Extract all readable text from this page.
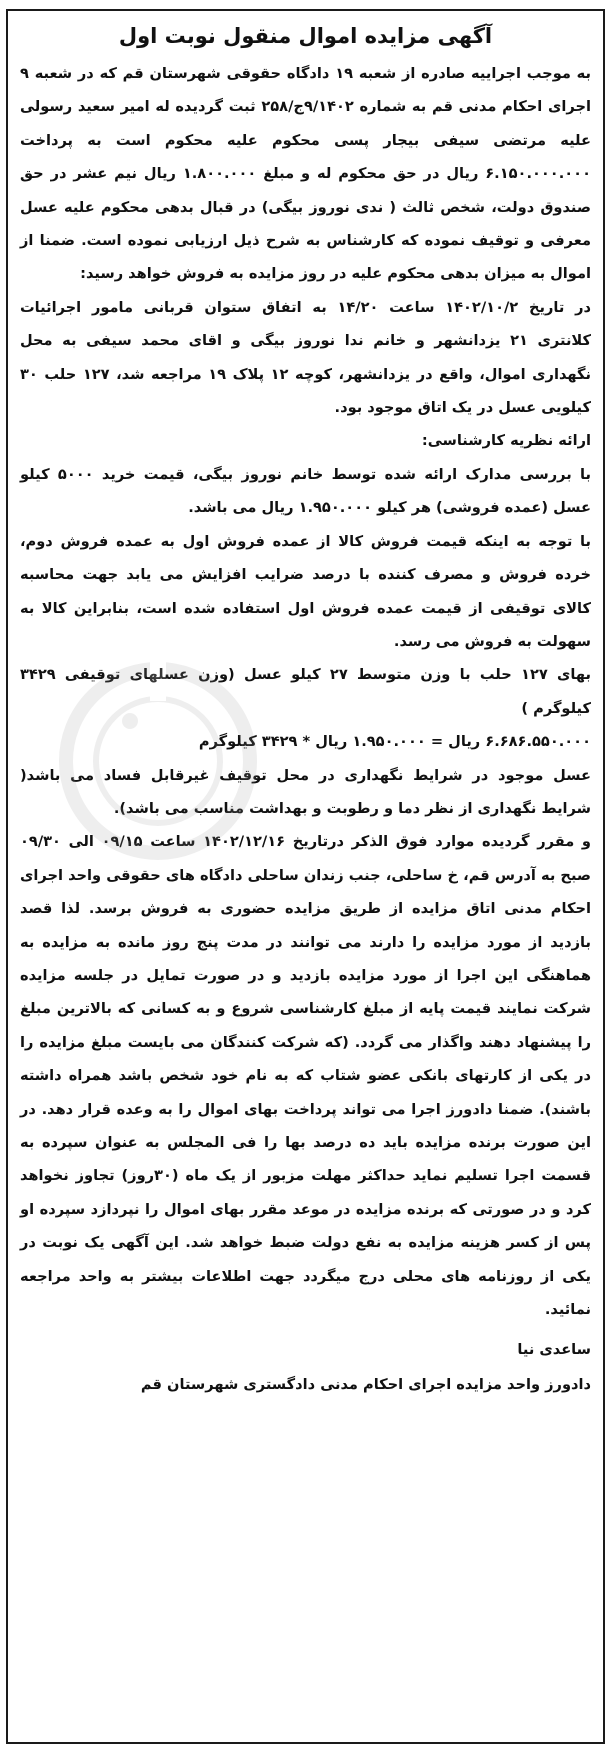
آگهی مزایده اموال منقول نوبت اول

به موجب اجراییه صادره از شعبه ۱۹ دادگاه حقوقی شهرستان قم که در شعبه ۹ اجرای احکام مدنی قم به شماره ۹/۱۴۰۲ج/۲۵۸ ثبت گردیده له امیر سعید رسولی علیه مرتضی سیفی بیجار پسی محکوم علیه محکوم است به پرداخت ۶.۱۵۰.۰۰۰.۰۰۰ ریال در حق محکوم له و مبلغ ۱.۸۰۰.۰۰۰ ریال نیم عشر در حق صندوق دولت، شخص ثالث ( ندی نوروز بیگی) در قبال بدهی محکوم علیه عسل معرفی و توقیف نموده که کارشناس به شرح ذیل ارزیابی نموده است. ضمنا از اموال به میزان بدهی محکوم علیه در روز مزایده به فروش خواهد رسید:

در تاریخ ۱۴۰۲/۱۰/۲ ساعت ۱۴/۲۰ به اتفاق ستوان قربانی مامور اجرائیات کلانتری ۲۱ یزدانشهر و خانم ندا نوروز بیگی و اقای محمد سیفی به محل نگهداری اموال، واقع در یزدانشهر، کوچه ۱۲ پلاک ۱۹ مراجعه شد، ۱۲۷ حلب ۳۰ کیلویی عسل در یک اتاق موجود بود.

ارائه نظریه کارشناسی:

با بررسی مدارک ارائه شده توسط خانم نوروز بیگی، قیمت خرید ۵۰۰۰ کیلو عسل (عمده فروشی) هر کیلو ۱.۹۵۰.۰۰۰ ریال می باشد.

با توجه به اینکه قیمت فروش کالا از عمده فروش اول به عمده فروش دوم، خرده فروش و مصرف کننده با درصد ضرایب افزایش می یابد جهت محاسبه کالای توقیفی از قیمت عمده فروش اول استفاده شده است، بنابراین کالا به سهولت به فروش می رسد.

بهای ۱۲۷ حلب با وزن متوسط ۲۷ کیلو عسل (وزن عسلهای توقیفی ۳۴۲۹ کیلوگرم )

۶.۶۸۶.۵۵۰.۰۰۰ ریال = ۱.۹۵۰.۰۰۰ ریال * ۳۴۲۹ کیلوگرم

عسل موجود در شرایط نگهداری در محل توقیف غیرقابل فساد می باشد( شرایط نگهداری از نظر دما و رطوبت و بهداشت مناسب می باشد).

و مقرر گردیده موارد فوق الذکر درتاریخ ۱۴۰۲/۱۲/۱۶ ساعت ۰۹/۱۵ الی ۰۹/۳۰ صبح به آدرس قم، خ ساحلی، جنب زندان ساحلی دادگاه های حقوقی واحد اجرای احکام مدنی اتاق مزایده از طریق مزایده حضوری به فروش برسد. لذا قصد بازدید از مورد مزایده را دارند می توانند در مدت پنج روز مانده به مزایده به هماهنگی این اجرا از مورد مزایده بازدید و در صورت تمایل در جلسه مزایده شرکت نمایند قیمت پایه از مبلغ کارشناسی شروع و به کسانی که بالاترین مبلغ را پیشنهاد دهند واگذار می گردد. (که شرکت کنندگان می بایست مبلغ مزایده را در یکی از کارتهای بانکی عضو شتاب که به نام خود شخص باشد همراه داشته باشند). ضمنا دادورز اجرا می تواند پرداخت بهای اموال را به وعده قرار دهد. در این صورت برنده مزایده باید ده درصد بها را فی المجلس به عنوان سپرده به قسمت اجرا تسلیم نماید حداکثر مهلت مزبور از یک ماه (۳۰روز) تجاوز نخواهد کرد و در صورتی که برنده مزایده در موعد مقرر بهای اموال را نپردازد سپرده او پس از کسر هزینه مزایده به نفع دولت ضبط خواهد شد. این آگهی یک نوبت در یکی از روزنامه های محلی درج میگردد جهت اطلاعات بیشتر به واحد مراجعه نمائید.

ساعدی نیا

دادورز واحد مزایده اجرای احکام مدنی دادگستری شهرستان قم
